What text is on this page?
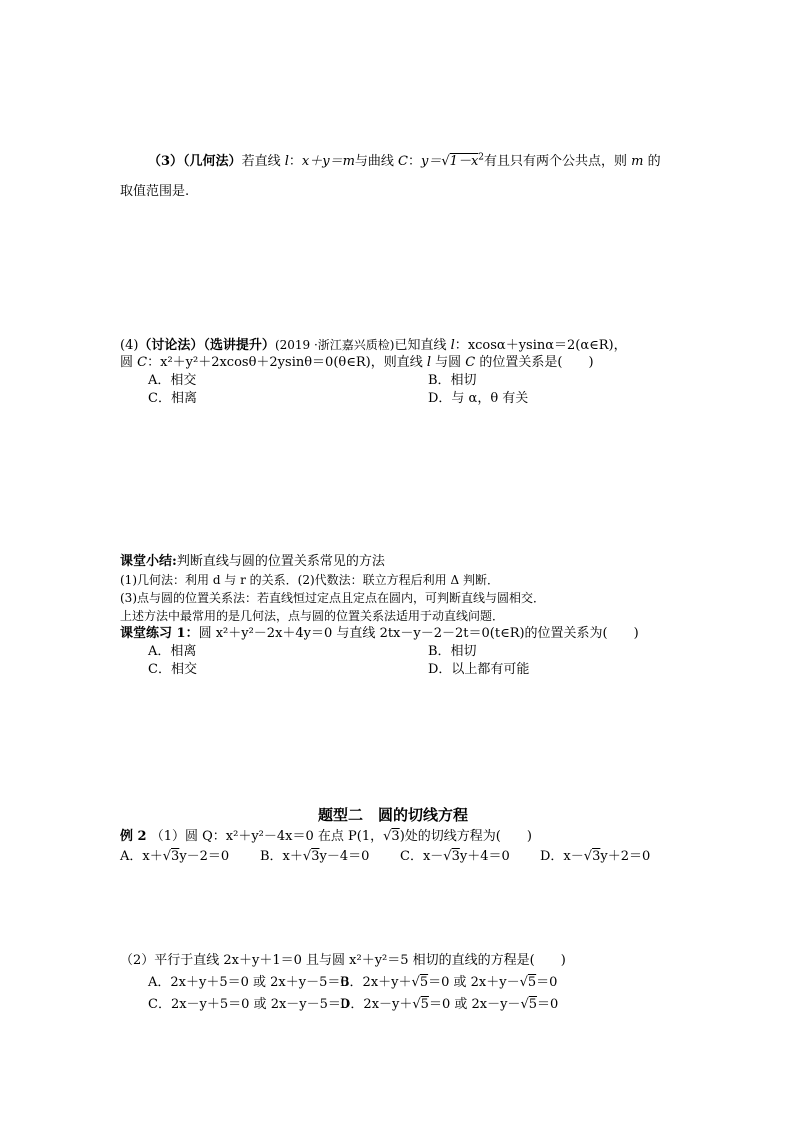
（3）（几何法）若直线 l：x＋y＝m与曲线 C：$y=√1-x^2$有且只有两个公共点，则 m 的
取值范围是.
(4)（讨论法）（选讲提升）(2019 ·浙江嘉兴质检)已知直线 l：xcosα＋ysinα＝2(α∈R)，
圆 C：x²＋y²＋2xcosθ＋2ysinθ＝0(θ∈R)，则直线 l 与圆 C 的位置关系是(　　)
A．相交	B．相切
C．相离	D．与 α，θ 有关
课堂小结:判断直线与圆的位置关系常见的方法
(1)几何法：利用 d 与 r 的关系．(2)代数法：联立方程后利用 Δ 判断．
(3)点与圆的位置关系法：若直线恒过定点且定点在圆内，可判断直线与圆相交．
上述方法中最常用的是几何法，点与圆的位置关系法适用于动直线问题．
课堂练习 1：圆 x²＋y²－2x＋4y＝0 与直线 2tx－y－2－2t＝0(t∈R)的位置关系为(　　)
A．相离	B．相切
C．相交	D．以上都有可能
题型二　圆的切线方程
例 2 （1）圆 Q：x²＋y²－4x＝0 在点 P(1，√3)处的切线方程为(　　)
A．x＋√3y－2＝0 B．x＋√3y－4＝0 C．x－√3y＋4＝0 D．x－√3y＋2＝0
（2）平行于直线 2x＋y＋1＝0 且与圆 x²＋y²＝5 相切的直线的方程是(　　)
A．2x＋y＋5＝0 或 2x＋y－5＝0
B．2x＋y＋√5＝0 或 2x＋y－√5＝0
C．2x－y＋5＝0 或 2x－y－5＝0
D．2x－y＋√5＝0 或 2x－y－√5＝0
